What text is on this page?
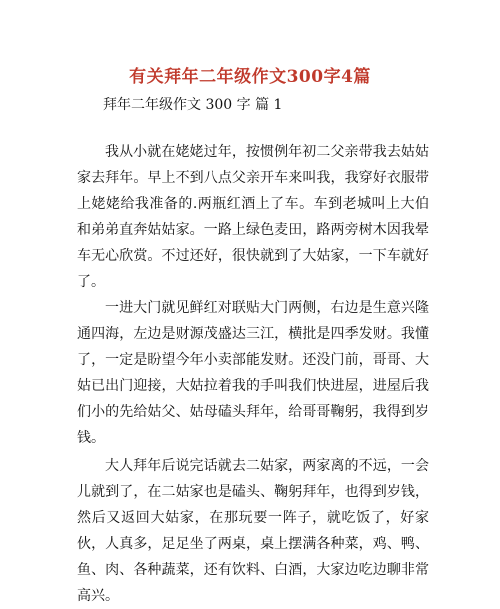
有关拜年二年级作文300字4篇
拜年二年级作文 300 字 篇 1

我从小就在姥姥过年，按惯例年初二父亲带我去姑姑家去拜年。早上不到八点父亲开车来叫我，我穿好衣服带上姥姥给我准备的.两瓶红酒上了车。车到老城叫上大伯和弟弟直奔姑姑家。一路上绿色麦田，路两旁树木因我晕车无心欣赏。不过还好，很快就到了大姑家，一下车就好了。

一进大门就见鲜红对联贴大门两侧，右边是生意兴隆通四海，左边是财源茂盛达三江，横批是四季发财。我懂了，一定是盼望今年小卖部能发财。还没门前，哥哥、大姑已出门迎接，大姑拉着我的手叫我们快进屋，进屋后我们小的先给姑父、姑母磕头拜年，给哥哥鞠躬，我得到岁钱。

大人拜年后说完话就去二姑家，两家离的不远，一会儿就到了，在二姑家也是磕头、鞠躬拜年，也得到岁钱，然后又返回大姑家，在那玩要一阵子，就吃饭了，好家伙，人真多，足足坐了两桌，桌上摆满各种菜，鸡、鸭、鱼、肉、各种蔬菜，还有饮料、白酒，大家边吃边聊非常高兴。
